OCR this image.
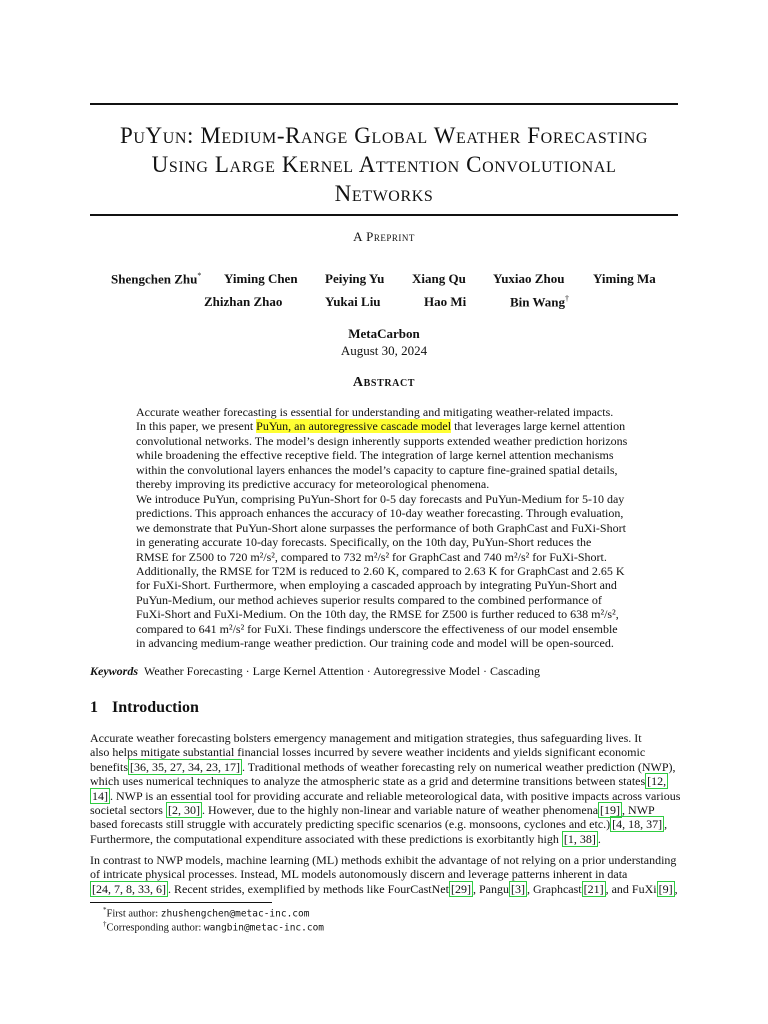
PuYun: Medium-Range Global Weather Forecasting
Using Large Kernel Attention Convolutional
Networks
A Preprint
Shengchen Zhu* Yiming Chen Peiying Yu Xiang Qu Yuxiao Zhou Yiming Ma
Zhizhan Zhao	Yukai Liu	Hao Mi	Bin Wang†
MetaCarbon
August 30, 2024
Abstract
Accurate weather forecasting is essential for understanding and mitigating weather-related impacts.
In this paper, we present PuYun, an autoregressive cascade model that leverages large kernel attention
convolutional networks. The model’s design inherently supports extended weather prediction horizons
while broadening the effective receptive field. The integration of large kernel attention mechanisms
within the convolutional layers enhances the model’s capacity to capture fine-grained spatial details,
thereby improving its predictive accuracy for meteorological phenomena.
We introduce PuYun, comprising PuYun-Short for 0-5 day forecasts and PuYun-Medium for 5-10 day
predictions. This approach enhances the accuracy of 10-day weather forecasting. Through evaluation,
we demonstrate that PuYun-Short alone surpasses the performance of both GraphCast and FuXi-Short
in generating accurate 10-day forecasts. Specifically, on the 10th day, PuYun-Short reduces the
RMSE for Z500 to 720 m²/s², compared to 732 m²/s² for GraphCast and 740 m²/s² for FuXi-Short.
Additionally, the RMSE for T2M is reduced to 2.60 K, compared to 2.63 K for GraphCast and 2.65 K
for FuXi-Short. Furthermore, when employing a cascaded approach by integrating PuYun-Short and
PuYun-Medium, our method achieves superior results compared to the combined performance of
FuXi-Short and FuXi-Medium. On the 10th day, the RMSE for Z500 is further reduced to 638 m²/s²,
compared to 641 m²/s² for FuXi. These findings underscore the effectiveness of our model ensemble
in advancing medium-range weather prediction. Our training code and model will be open-sourced.
Keywords Weather Forecasting · Large Kernel Attention · Autoregressive Model · Cascading
1 Introduction
Accurate weather forecasting bolsters emergency management and mitigation strategies, thus safeguarding lives. It
also helps mitigate substantial financial losses incurred by severe weather incidents and yields significant economic
benefits [36, 35, 27, 34, 23, 17] . Traditional methods of weather forecasting rely on numerical weather prediction (NWP),
which uses numerical techniques to analyze the atmospheric state as a grid and determine transitions between states [12,
14] . NWP is an essential tool for providing accurate and reliable meteorological data, with positive impacts across various
societal sectors [2, 30] . However, due to the highly non-linear and variable nature of weather phenomena [19] , NWP
based forecasts still struggle with accurately predicting specific scenarios (e.g. monsoons, cyclones and etc.) [4, 18, 37] ,
Furthermore, the computational expenditure associated with these predictions is exorbitantly high [1, 38] .
In contrast to NWP models, machine learning (ML) methods exhibit the advantage of not relying on a prior understanding
of intricate physical processes. Instead, ML models autonomously discern and leverage patterns inherent in data
[24, 7, 8, 33, 6] . Recent strides, exemplified by methods like FourCastNet [29] , Pangu [3] , Graphcast [21] , and FuXi [9] ,
*First author: zhushengchen@metac-inc.com
†Corresponding author: wangbin@metac-inc.com
